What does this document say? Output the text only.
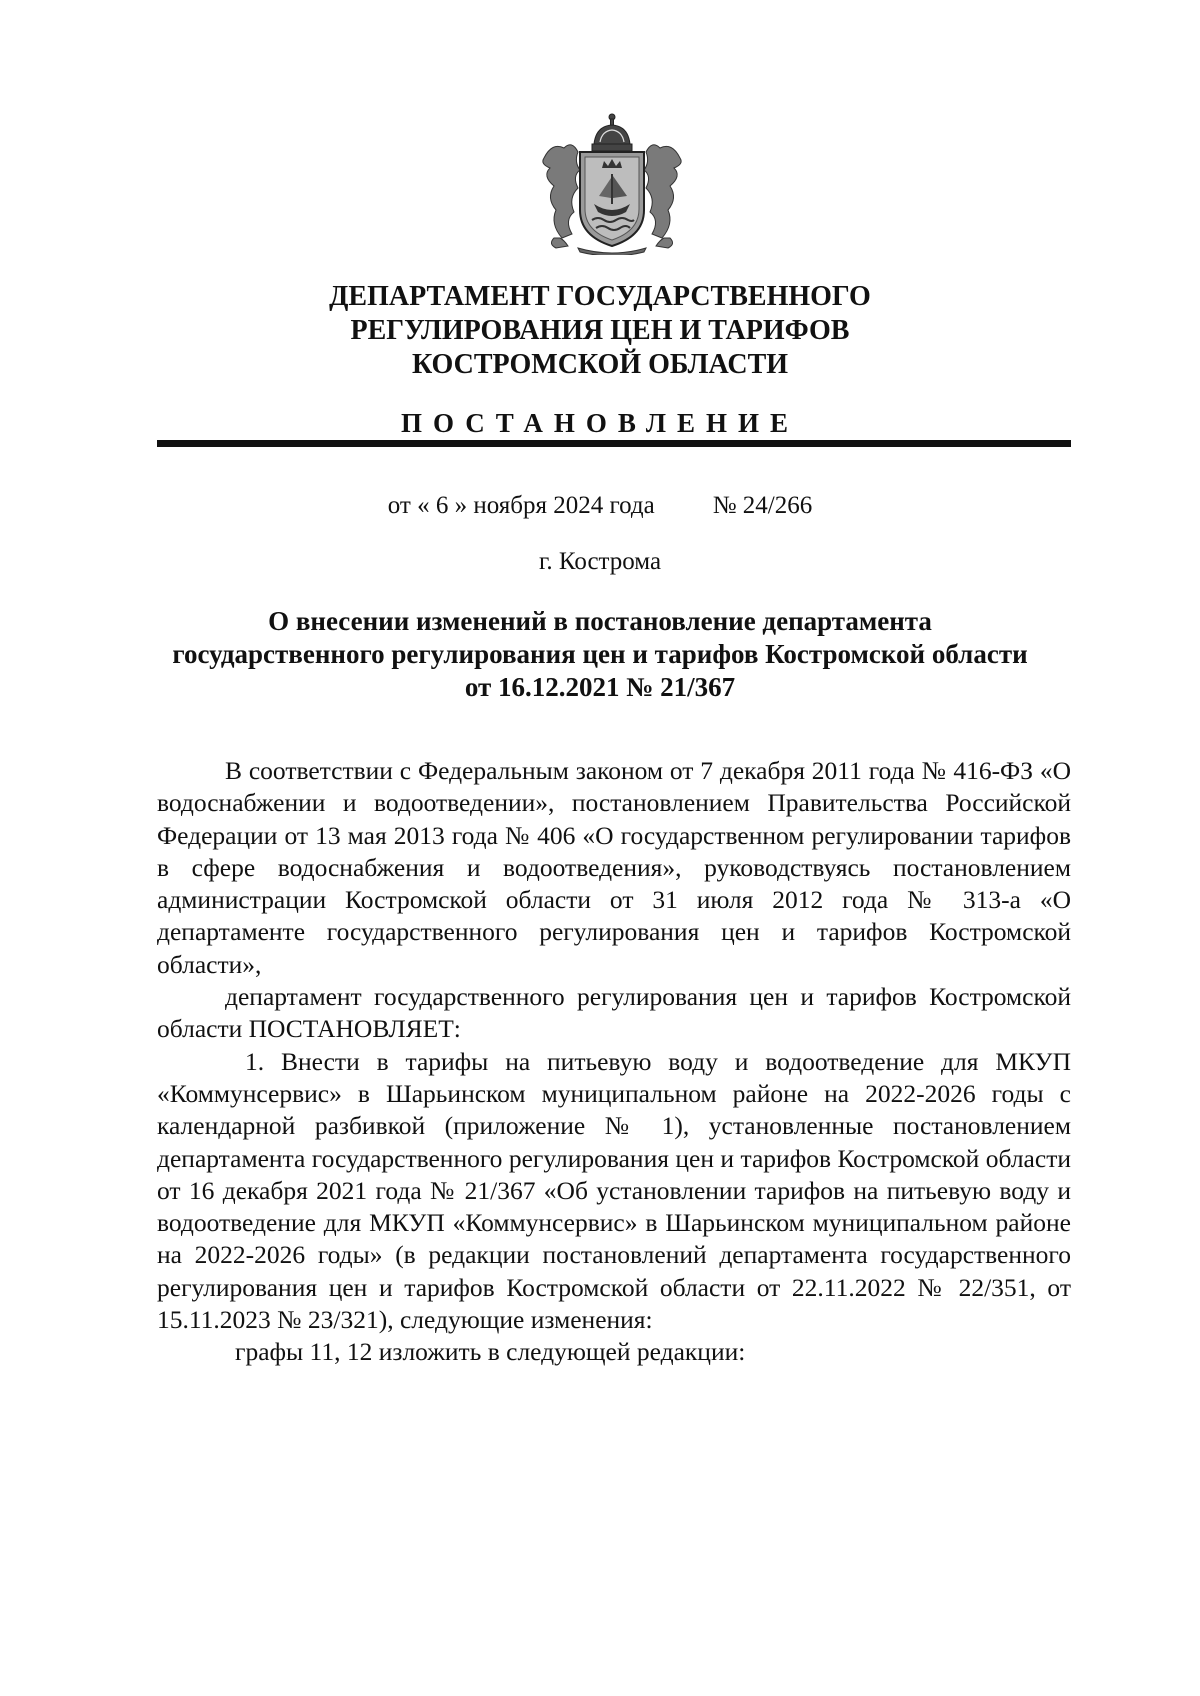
ДЕПАРТАМЕНТ ГОСУДАРСТВЕННОГО
РЕГУЛИРОВАНИЯ ЦЕН И ТАРИФОВ
КОСТРОМСКОЙ ОБЛАСТИ
ПОСТАНОВЛЕНИЕ
от « 6 » ноября 2024 года № 24/266
г. Кострома
О внесении изменений в постановление департамента
государственного регулирования цен и тарифов Костромской области
от 16.12.2021 № 21/367

В соответствии с Федеральным законом от 7 декабря 2011 года № 416-ФЗ «О водоснабжении и водоотведении», постановлением Правительства Российской Федерации от 13 мая 2013 года № 406 «О государственном регулировании тарифов в сфере водоснабжения и водоотведения», руководствуясь постановлением администрации Костромской области от 31 июля 2012 года № 313-а «О департаменте государственного регулирования цен и тарифов Костромской области»,

департамент государственного регулирования цен и тарифов Костромской области ПОСТАНОВЛЯЕТ:

1. Внести в тарифы на питьевую воду и водоотведение для МКУП «Коммунсервис» в Шарьинском муниципальном районе на 2022-2026 годы с календарной разбивкой (приложение № 1), установленные постановлением департамента государственного регулирования цен и тарифов Костромской области от 16 декабря 2021 года № 21/367 «Об установлении тарифов на питьевую воду и водоотведение для МКУП «Коммунсервис» в Шарьинском муниципальном районе на 2022-2026 годы» (в редакции постановлений департамента государственного регулирования цен и тарифов Костромской области от 22.11.2022 № 22/351, от 15.11.2023 № 23/321), следующие изменения:

графы 11, 12 изложить в следующей редакции:
